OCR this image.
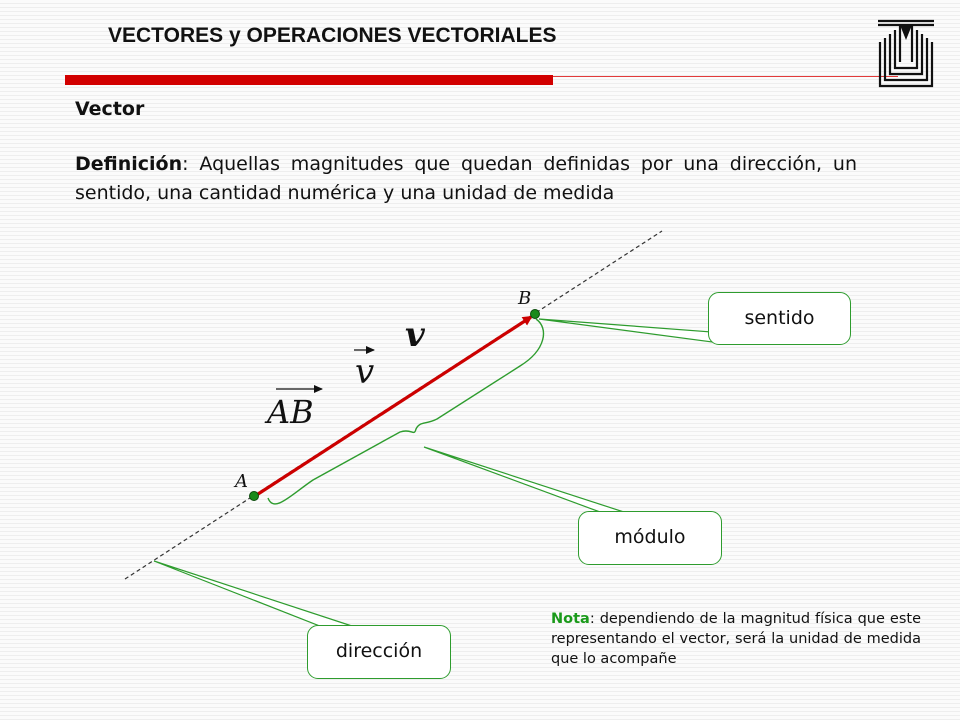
VECTORES y OPERACIONES VECTORIALES
Vector
Definición: Aquellas magnitudes que quedan definidas por una dirección, un sentido, una cantidad numérica y una unidad de medida
A
B
v
v
AB
sentido
módulo
dirección
Nota: dependiendo de la magnitud física que este representando el vector, será la unidad de medida que lo acompañe
